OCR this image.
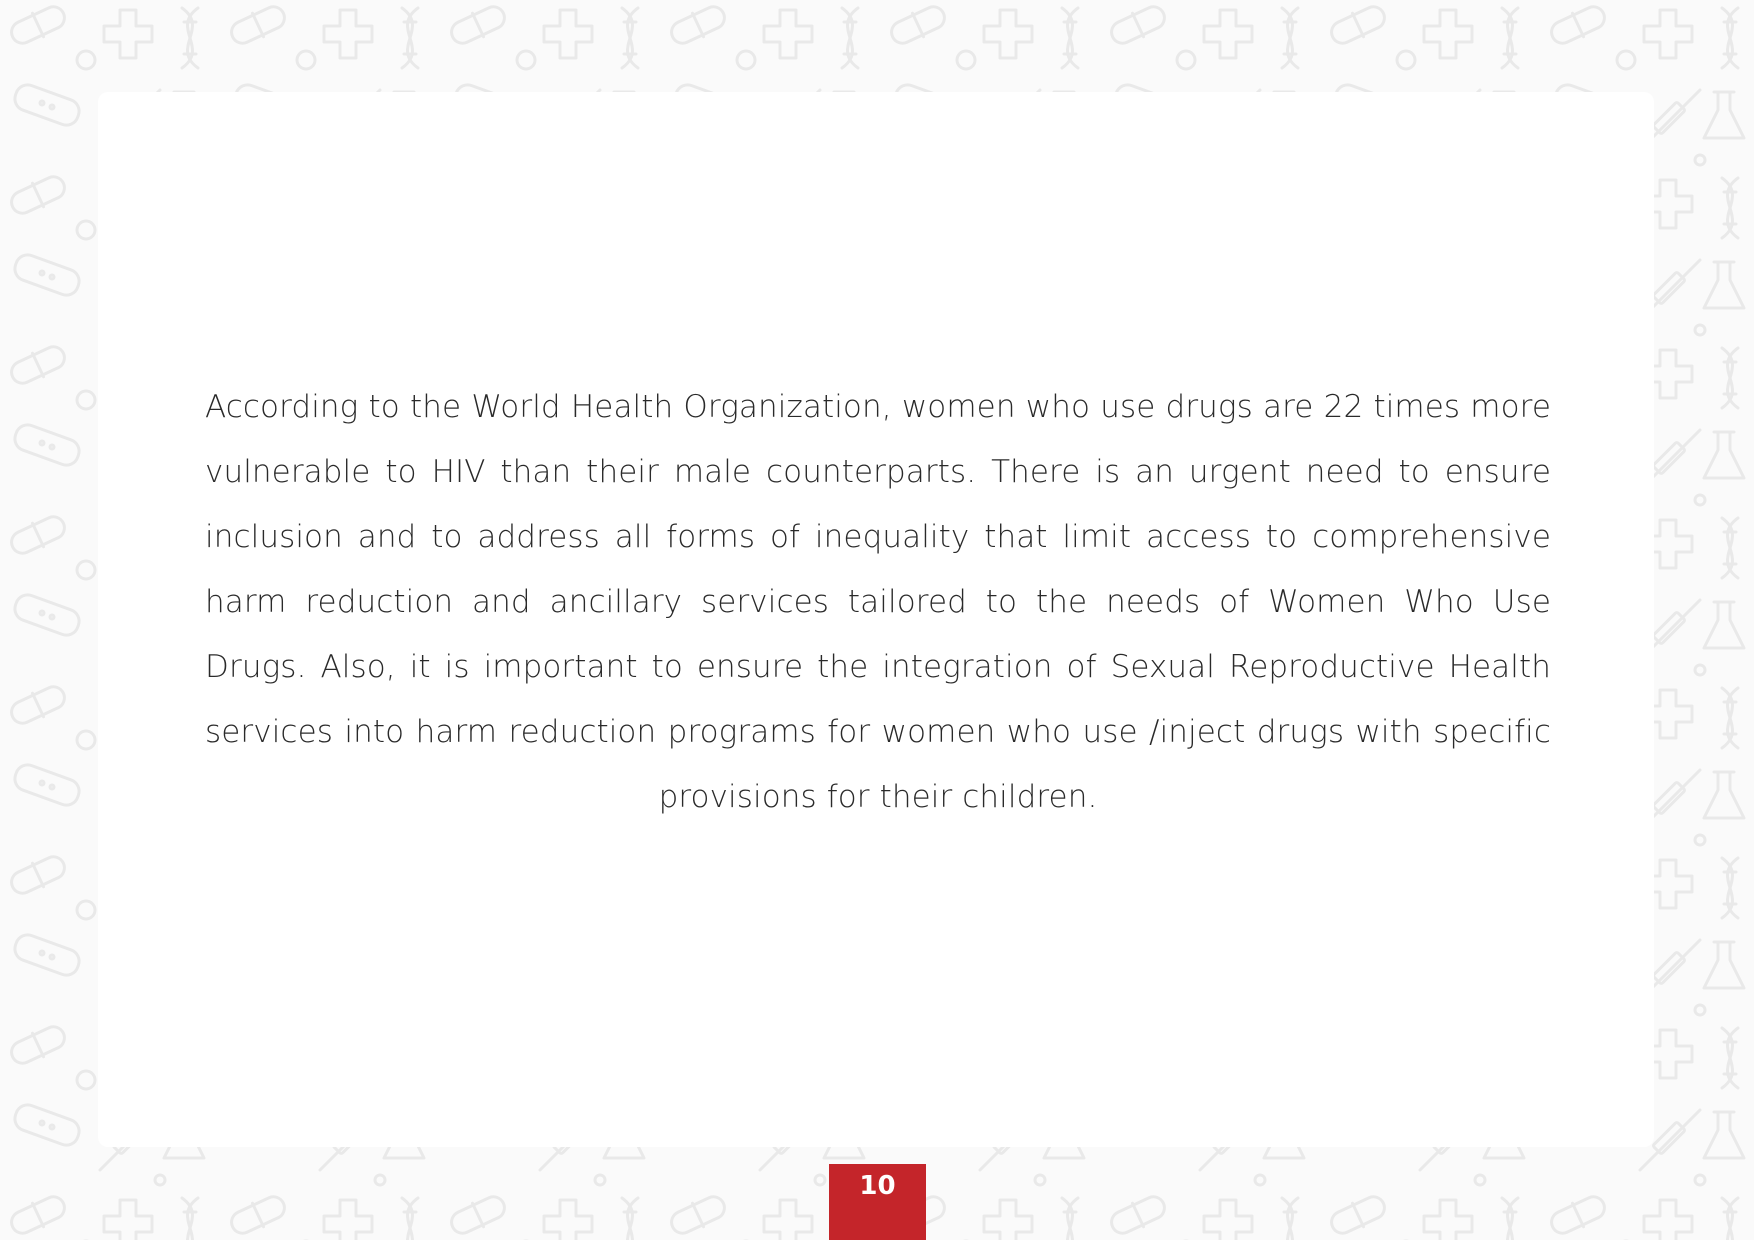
According to the World Health Organization, women who use drugs are 22 times more vulnerable to HIV than their male counterparts. There is an urgent need to ensure inclusion and to address all forms of inequality that limit access to comprehensive harm reduction and ancillary services tailored to the needs of Women Who Use Drugs. Also, it is important to ensure the integration of Sexual Reproductive Health services into harm reduction programs for women who use /inject drugs with specific provisions for their children.

10
